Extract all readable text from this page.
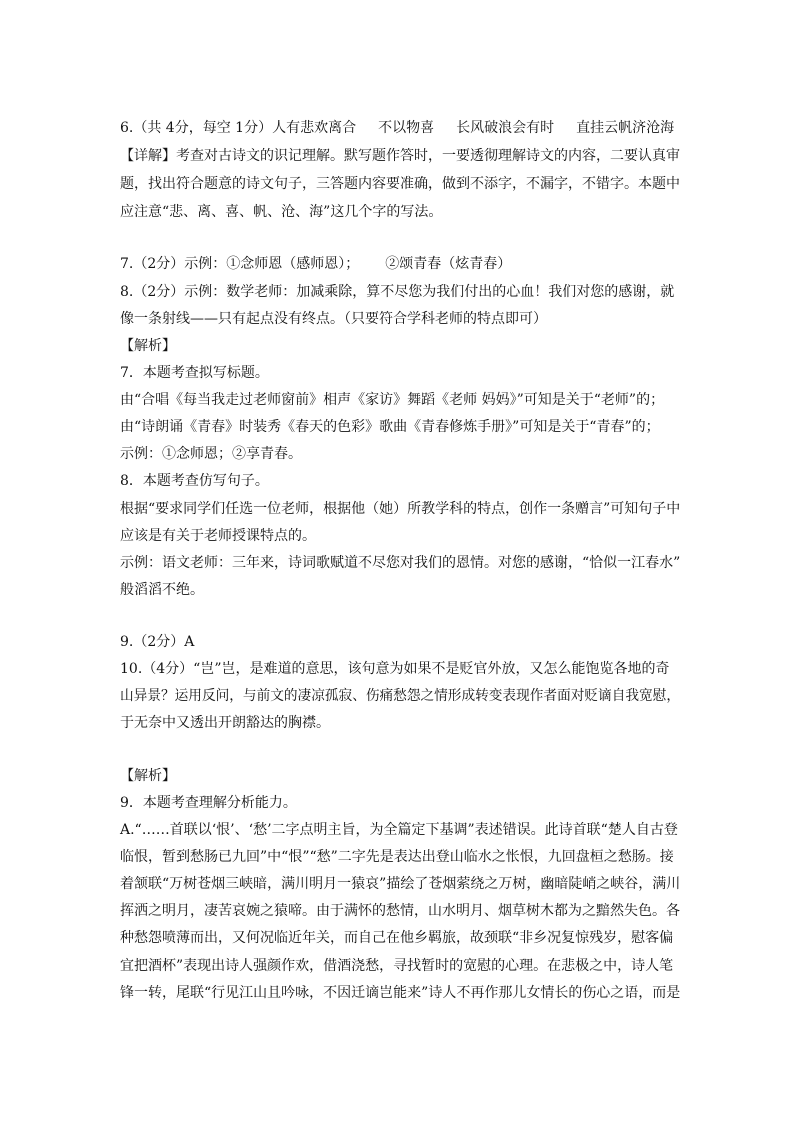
6.（共 4分，每空 1分）人有悲欢离合 不以物喜 长风破浪会有时 直挂云帆济沧海
【详解】考查对古诗文的识记理解。默写题作答时，一要透彻理解诗文的内容，二要认真审
题，找出符合题意的诗文句子，三答题内容要准确，做到不添字，不漏字，不错字。本题中
应注意“悲、离、喜、帆、沧、海”这几个字的写法。
7.（2分）示例：①念师恩（感师恩）； ②颂青春（炫青春）
8.（2分）示例：数学老师：加减乘除，算不尽您为我们付出的心血！我们对您的感谢，就
像一条射线——只有起点没有终点。（只要符合学科老师的特点即可）
【解析】
7．本题考查拟写标题。
由“合唱《每当我走过老师窗前》相声《家访》舞蹈《老师 妈妈》”可知是关于“老师”的；
由“诗朗诵《青春》时装秀《春天的色彩》歌曲《青春修炼手册》”可知是关于“青春”的；
示例：①念师恩；②享青春。
8．本题考查仿写句子。
根据“要求同学们任选一位老师，根据他（她）所教学科的特点，创作一条赠言”可知句子中
应该是有关于老师授课特点的。
示例：语文老师：三年来，诗词歌赋道不尽您对我们的恩情。对您的感谢，“恰似一江春水”
般滔滔不绝。
9.（2分）A
10.（4分）“岂”岂，是难道的意思，该句意为如果不是贬官外放，又怎么能饱览各地的奇
山异景？运用反问，与前文的凄凉孤寂、伤痛愁怨之情形成转变表现作者面对贬谪自我宽慰，
于无奈中又透出开朗豁达的胸襟。
【解析】
9．本题考查理解分析能力。
A.“……首联以‘恨’、‘愁’二字点明主旨，为全篇定下基调”表述错误。此诗首联“楚人自古登
临恨，暂到愁肠已九回”中“恨”“愁”二字先是表达出登山临水之怅恨，九回盘桓之愁肠。接
着颔联“万树苍烟三峡暗，满川明月一猿哀”描绘了苍烟萦绕之万树，幽暗陡峭之峡谷，满川
挥洒之明月，凄苦哀婉之猿啼。由于满怀的愁情，山水明月、烟草树木都为之黯然失色。各
种愁怨喷薄而出，又何况临近年关，而自己在他乡羁旅，故颈联“非乡况复惊残岁，慰客偏
宜把酒杯”表现出诗人强颜作欢，借酒浇愁，寻找暂时的宽慰的心理。在悲极之中，诗人笔
锋一转，尾联“行见江山且吟咏，不因迁谪岂能来”诗人不再作那儿女情长的伤心之语，而是
